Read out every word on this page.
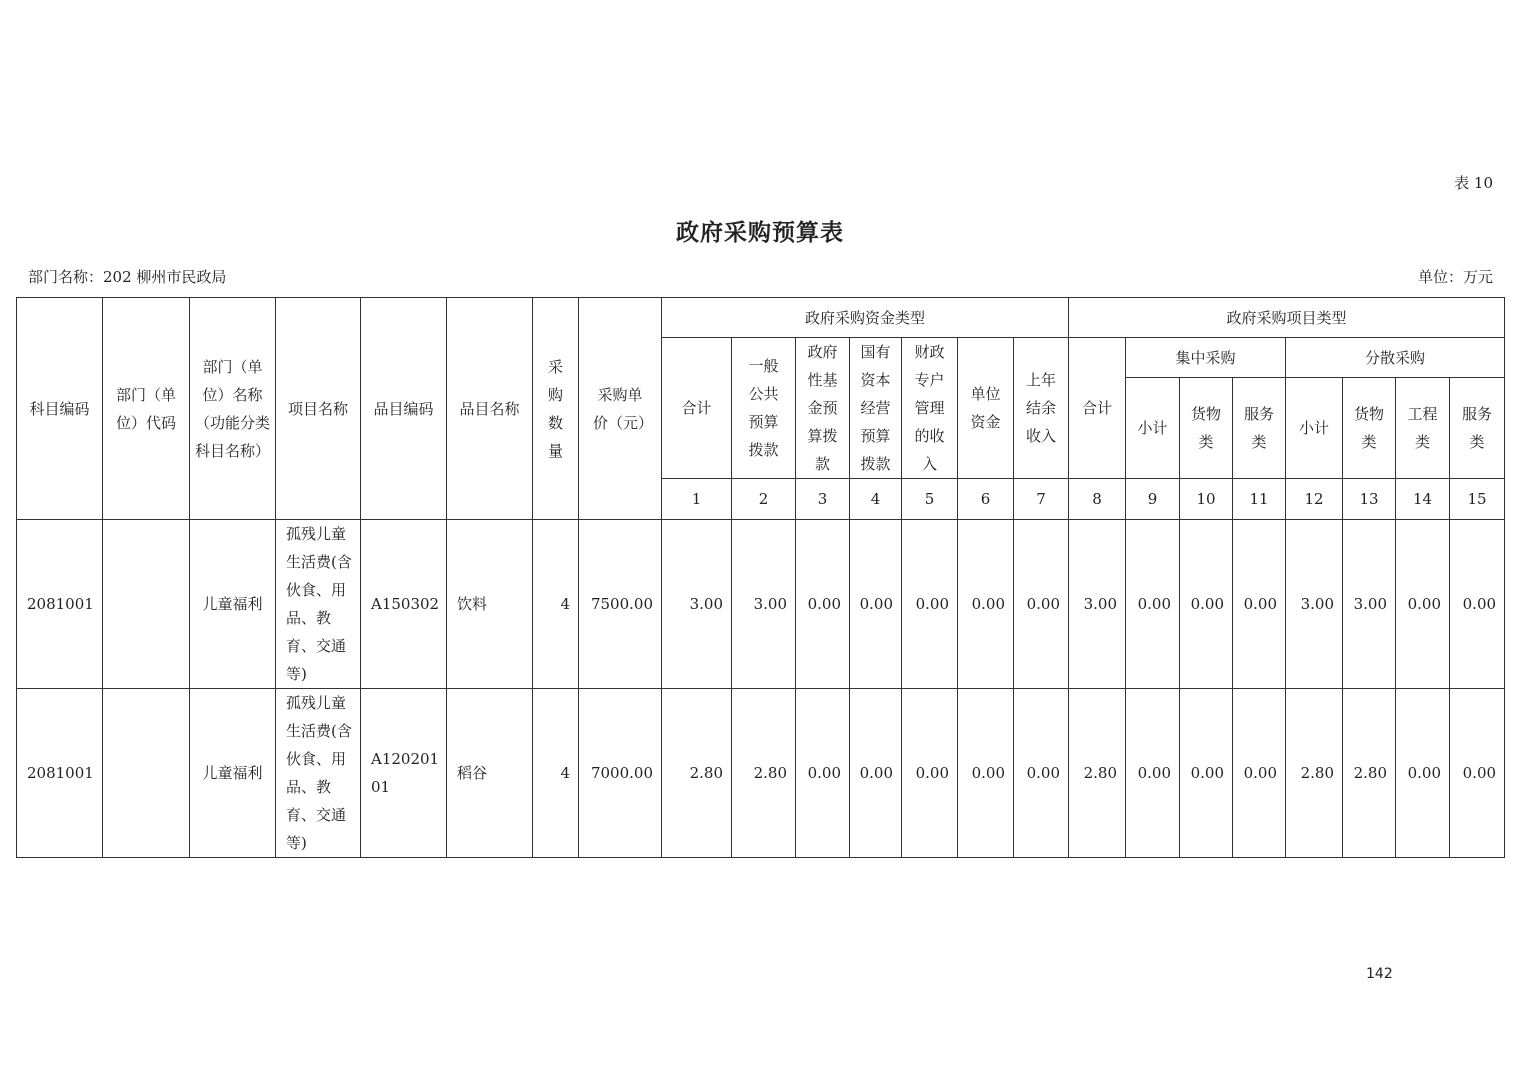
表 10
政府采购预算表
部门名称：202 柳州市民政局	单位：万元
科目编码	部门（单位）代码	部门（单位）名称（功能分类科目名称）	项目名称	品目编码	品目名称	采购数量	采购单价（元）	政府采购资金类型							政府采购项目类型							
								合计	一般公共预算拨款	政府性基金预算拨款	国有资本经营预算拨款	财政专户管理的收入	单位资金	上年结余收入	合计	集中采购			分散采购			
																小计	货物类	服务类	小计	货物类	工程类	服务类
								1	2	3	4	5	6	7	8	9	10	11	12	13	14	15
2081001		儿童福利	孤残儿童生活费(含伙食、用品、教育、交通等)	A150302	饮料	4	7500.00	3.00	3.00	0.00	0.00	0.00	0.00	0.00	3.00	0.00	0.00	0.00	3.00	3.00	0.00	0.00
2081001		儿童福利	孤残儿童生活费(含伙食、用品、教育、交通等)	A12020101	稻谷	4	7000.00	2.80	2.80	0.00	0.00	0.00	0.00	0.00	2.80	0.00	0.00	0.00	2.80	2.80	0.00	0.00
142
